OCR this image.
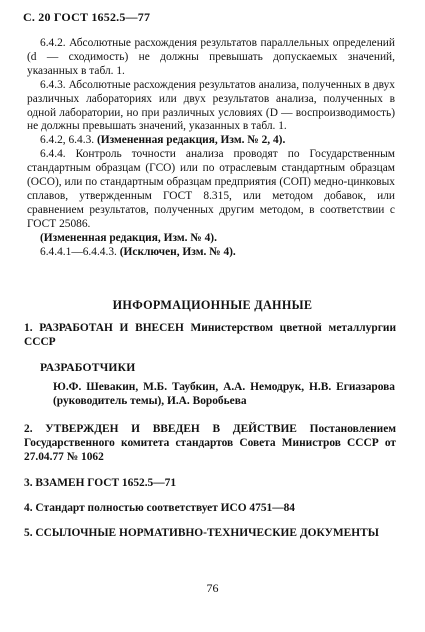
С. 20 ГОСТ 1652.5—77

6.4.2. Абсолютные расхождения результатов параллельных определений (d — сходимость) не должны превышать допускаемых значений, указанных в табл. 1.

6.4.3. Абсолютные расхождения результатов анализа, полученных в двух различных лабораториях или двух результатов анализа, полученных в одной лаборатории, но при различных условиях (D — воспроизводимость) не должны превышать значений, указанных в табл. 1.

6.4.2, 6.4.3. (Измененная редакция, Изм. № 2, 4).

6.4.4. Контроль точности анализа проводят по Государственным стандартным образцам (ГСО) или по отраслевым стандартным образцам (ОСО), или по стандартным образцам предприятия (СОП) медно-цинковых сплавов, утвержденным ГОСТ 8.315, или методом добавок, или сравнением результатов, полученных другим методом, в соответствии с ГОСТ 25086.

(Измененная редакция, Изм. № 4).

6.4.4.1—6.4.4.3. (Исключен, Изм. № 4).

ИНФОРМАЦИОННЫЕ ДАННЫЕ
1. РАЗРАБОТАН И ВНЕСЕН Министерством цветной металлургии СССР
РАЗРАБОТЧИКИ
Ю.Ф. Шевакин, М.Б. Таубкин, А.А. Немодрук, Н.В. Егиазарова (руководитель темы), И.А. Воробьева
2. УТВЕРЖДЕН И ВВЕДЕН В ДЕЙСТВИЕ Постановлением Государственного комитета стандартов Совета Министров СССР от 27.04.77 № 1062
3. ВЗАМЕН ГОСТ 1652.5—71
4. Стандарт полностью соответствует ИСО 4751—84
5. ССЫЛОЧНЫЕ НОРМАТИВНО-ТЕХНИЧЕСКИЕ ДОКУМЕНТЫ
76
